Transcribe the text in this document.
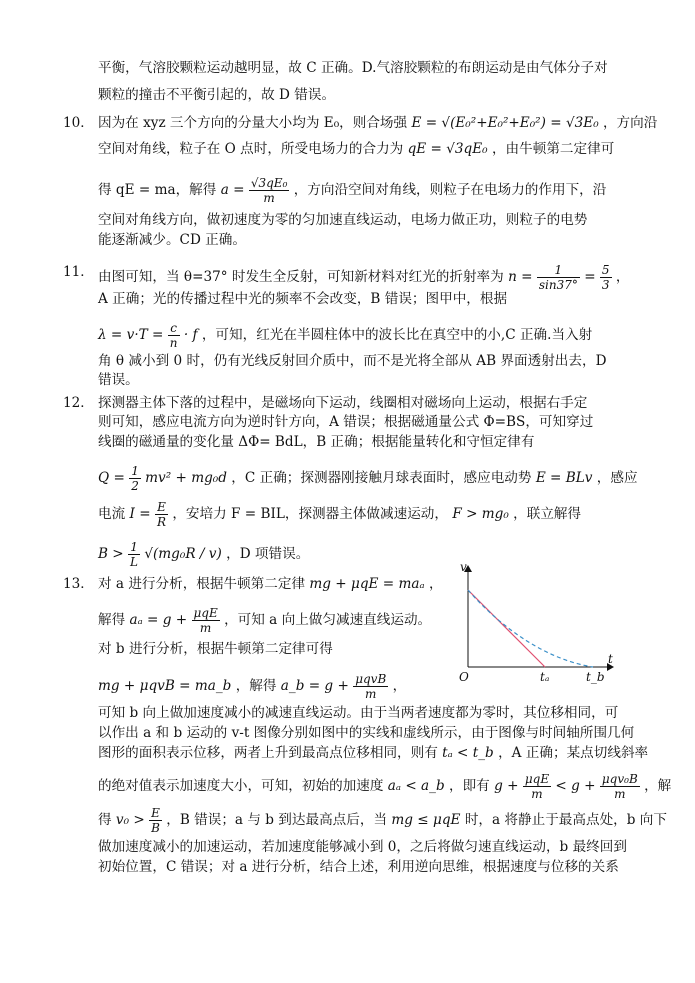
平衡，气溶胶颗粒运动越明显，故 C 正确。D.气溶胶颗粒的布朗运动是由气体分子对
颗粒的撞击不平衡引起的，故 D 错误。
10． 因为在 xyz 三个方向的分量大小均为 E₀，则合场强 E = √(E₀²+E₀²+E₀²) = √3E₀ ，方向沿
空间对角线，粒子在 O 点时，所受电场力的合力为 qE = √3qE₀ ，由牛顿第二定律可
得 qE = ma，解得 $a = \frac{\text{√3qE₀}}{m}$ ，方向沿空间对角线，则粒子在电场力的作用下，沿
空间对角线方向，做初速度为零的匀加速直线运动，电场力做正功，则粒子的电势
能逐渐减少。CD 正确。
11． 由图可知，当 θ=37° 时发生全反射，可知新材料对红光的折射率为 $n = \frac{1}{\sin 37^\circ} = \frac{5}{3}$ ，
A 正确；光的传播过程中光的频率不会改变，B 错误；图甲中，根据
$\lambda = v\cdot T = \frac{c}{n} \cdot f$ ，可知，红光在半圆柱体中的波长比在真空中的小,C 正确.当入射
角 θ 减小到 0 时，仍有光线反射回介质中，而不是光将全部从 AB 界面透射出去，D
错误。
12． 探测器主体下落的过程中，是磁场向下运动，线圈相对磁场向上运动，根据右手定
则可知，感应电流方向为逆时针方向，A 错误；根据磁通量公式 Φ=BS，可知穿过
线圈的磁通量的变化量 ΔΦ= BdL，B 正确；根据能量转化和守恒定律有
$Q = \frac{1}{2} mv^2 + mg_0d$ ，C 正确；探测器刚接触月球表面时，感应电动势 E = BLv ，感应
电流 $I = \frac{E}{R}$ ，安培力 F = BIL，探测器主体做减速运动， F > mg₀ ，联立解得
$B > \frac{1}{L} √(mg_0R / v)$ ，D 项错误。
13． 对 a 进行分析，根据牛顿第二定律 mg + μqE = maₐ ，
解得 $a_a = g + \frac{\text{μqE}}{m}$ ，可知 a 向上做匀减速直线运动。
对 b 进行分析，根据牛顿第二定律可得
mg + μqvB = ma_b ，解得 a_b = $g + \frac{\text{μqvB}}{m}$ ，
可知 b 向上做加速度减小的减速直线运动。由于当两者速度都为零时，其位移相同，可
以作出 a 和 b 运动的 v-t 图像分别如图中的实线和虚线所示，由于图像与时间轴所围几何
图形的面积表示位移，两者上升到最高点位移相同，则有 tₐ < t_b ，A 正确；某点切线斜率
的绝对值表示加速度大小，可知，初始的加速度 aₐ < a_b ，即有 $g + \frac{\text{μqE}}{m} < g + \frac{\text{μqv₀B}}{m}$ ，解
得 $v_0 > \frac{E}{B}$ ，B 错误；a 与 b 到达最高点后，当 mg ≤ μqE 时，a 将静止于最高点处，b 向下
做加速度减小的加速运动，若加速度能够减小到 0，之后将做匀速直线运动，b 最终回到
初始位置，C 错误；对 a 进行分析，结合上述，利用逆向思维，根据速度与位移的关系
v
t
O	tₐ	t_b
